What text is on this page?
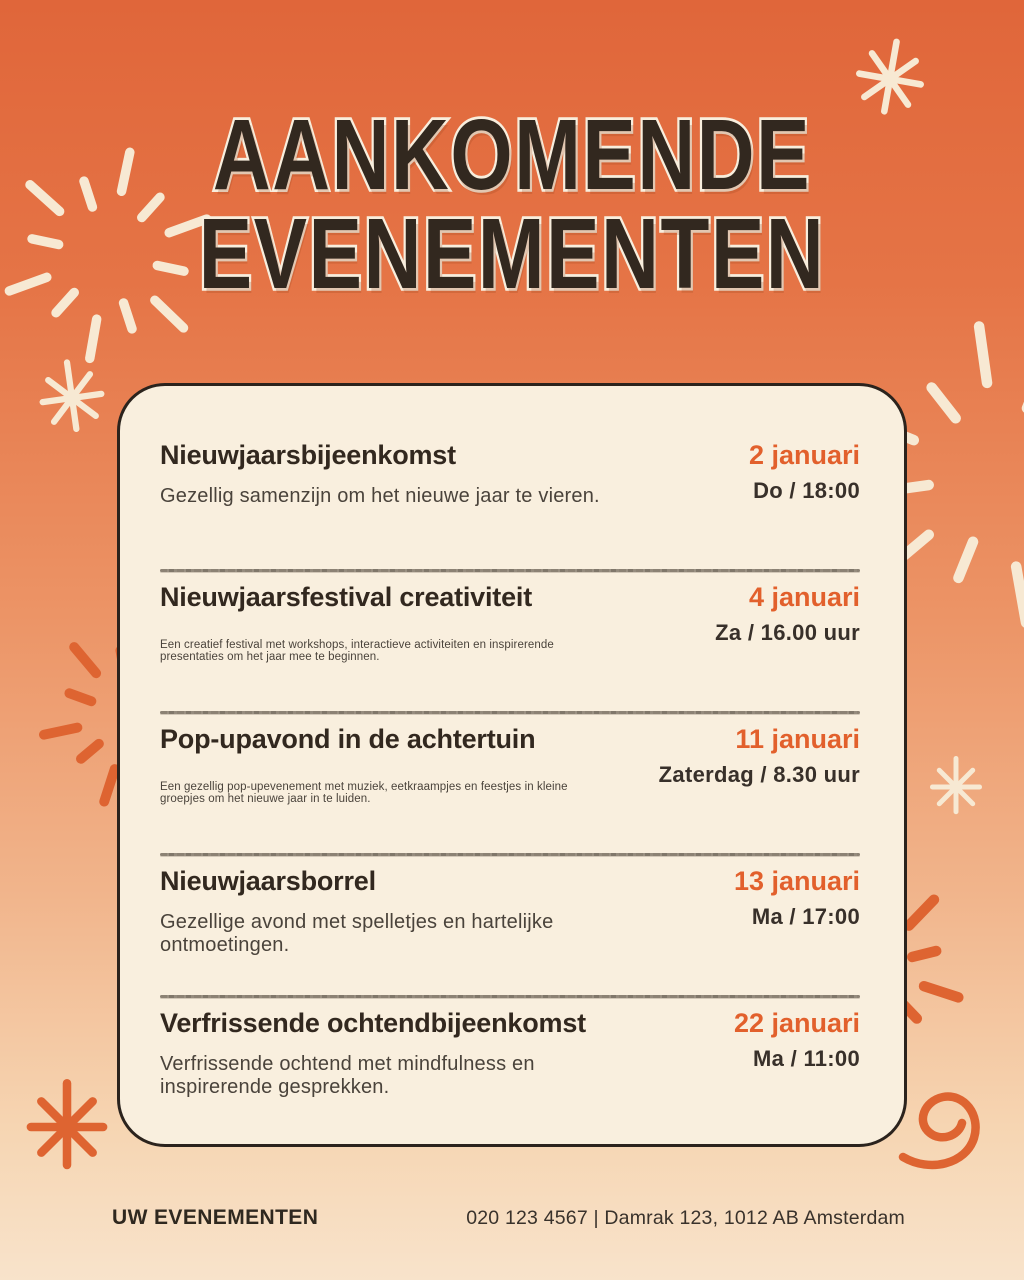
AANKOMENDE
EVENEMENTEN
Nieuwjaarsbijeenkomst
Gezellig samenzijn om het nieuwe jaar te vieren.
2 januari
Do / 18:00
Nieuwjaarsfestival creativiteit
Een creatief festival met workshops, interactieve activiteiten en inspirerende presentaties om het jaar mee te beginnen.
4 januari
Za / 16.00 uur
Pop-upavond in de achtertuin
Een gezellig pop-upevenement met muziek, eetkraampjes en feestjes in kleine groepjes om het nieuwe jaar in te luiden.
11 januari
Zaterdag / 8.30 uur
Nieuwjaarsborrel
Gezellige avond met spelletjes en hartelijke ontmoetingen.
13 januari
Ma / 17:00
Verfrissende ochtendbijeenkomst
Verfrissende ochtend met mindfulness en inspirerende gesprekken.
22 januari
Ma / 11:00
UW EVENEMENTEN	020 123 4567 | Damrak 123, 1012 AB Amsterdam
